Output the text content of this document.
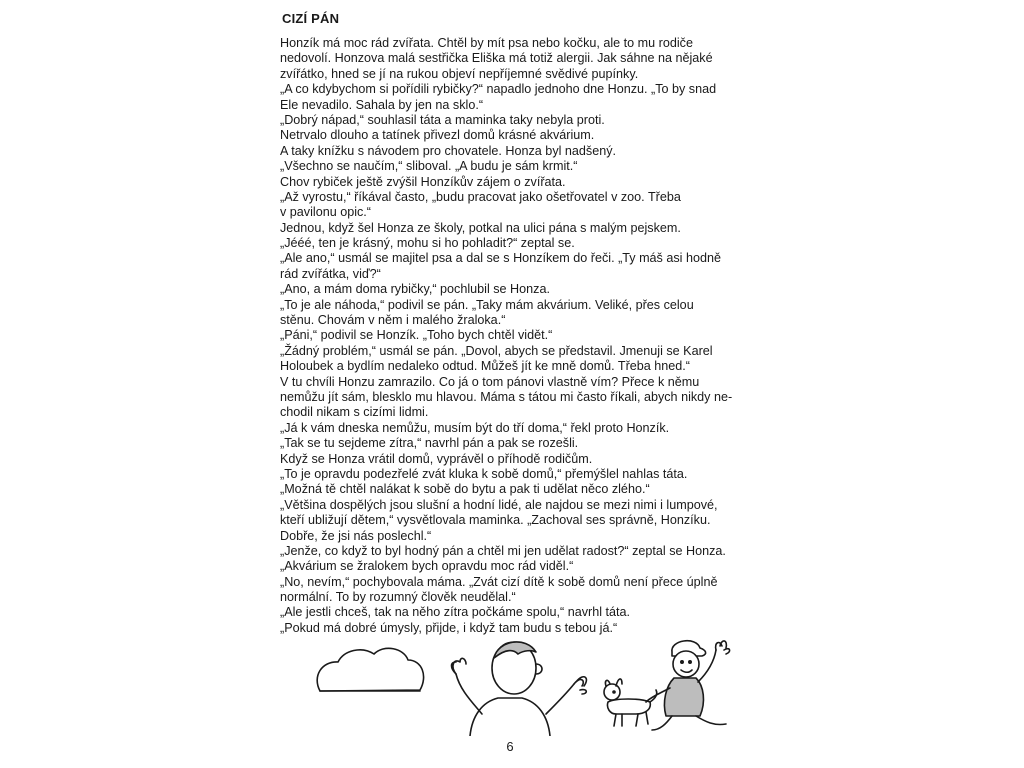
CIZÍ PÁN
Honzík má moc rád zvířata. Chtěl by mít psa nebo kočku, ale to mu rodiče
nedovolí. Honzova malá sestřička Eliška má totiž alergii. Jak sáhne na nějaké
zvířátko, hned se jí na rukou objeví nepříjemné svědivé pupínky.
„A co kdybychom si pořídili rybičky?“ napadlo jednoho dne Honzu. „To by snad
Ele nevadilo. Sahala by jen na sklo.“
„Dobrý nápad,“ souhlasil táta a maminka taky nebyla proti.
Netrvalo dlouho a tatínek přivezl domů krásné akvárium.
A taky knížku s návodem pro chovatele. Honza byl nadšený.
„Všechno se naučím,“ sliboval. „A budu je sám krmit.“
Chov rybiček ještě zvýšil Honzíkův zájem o zvířata.
„Až vyrostu,“ říkával často, „budu pracovat jako ošetřovatel v zoo. Třeba
v pavilonu opic.“
Jednou, když šel Honza ze školy, potkal na ulici pána s malým pejskem.
„Jééé, ten je krásný, mohu si ho pohladit?“ zeptal se.
„Ale ano,“ usmál se majitel psa a dal se s Honzíkem do řeči. „Ty máš asi hodně
rád zvířátka, viď?“
„Ano, a mám doma rybičky,“ pochlubil se Honza.
„To je ale náhoda,“ podivil se pán. „Taky mám akvárium. Veliké, přes celou
stěnu. Chovám v něm i malého žraloka.“
„Páni,“ podivil se Honzík. „Toho bych chtěl vidět.“
„Žádný problém,“ usmál se pán. „Dovol, abych se představil. Jmenuji se Karel
Holoubek a bydlím nedaleko odtud. Můžeš jít ke mně domů. Třeba hned.“
V tu chvíli Honzu zamrazilo. Co já o tom pánovi vlastně vím? Přece k němu
nemůžu jít sám, blesklo mu hlavou. Máma s tátou mi často říkali, abych nikdy ne-
chodil nikam s cizími lidmi.
„Já k vám dneska nemůžu, musím být do tří doma,“ řekl proto Honzík.
„Tak se tu sejdeme zítra,“ navrhl pán a pak se rozešli.
Když se Honza vrátil domů, vyprávěl o příhodě rodičům.
„To je opravdu podezřelé zvát kluka k sobě domů,“ přemýšlel nahlas táta.
„Možná tě chtěl nalákat k sobě do bytu a pak ti udělat něco zlého.“
„Většina dospělých jsou slušní a hodní lidé, ale najdou se mezi nimi i lumpové,
kteří ubližují dětem,“ vysvětlovala maminka. „Zachoval ses správně, Honzíku.
Dobře, že jsi nás poslechl.“
„Jenže, co když to byl hodný pán a chtěl mi jen udělat radost?“ zeptal se Honza.
„Akvárium se žralokem bych opravdu moc rád viděl.“
„No, nevím,“ pochybovala máma. „Zvát cizí dítě k sobě domů není přece úplně
normální. To by rozumný člověk neudělal.“
„Ale jestli chceš, tak na něho zítra počkáme spolu,“ navrhl táta.
„Pokud má dobré úmysly, přijde, i když tam budu s tebou já.“
6
